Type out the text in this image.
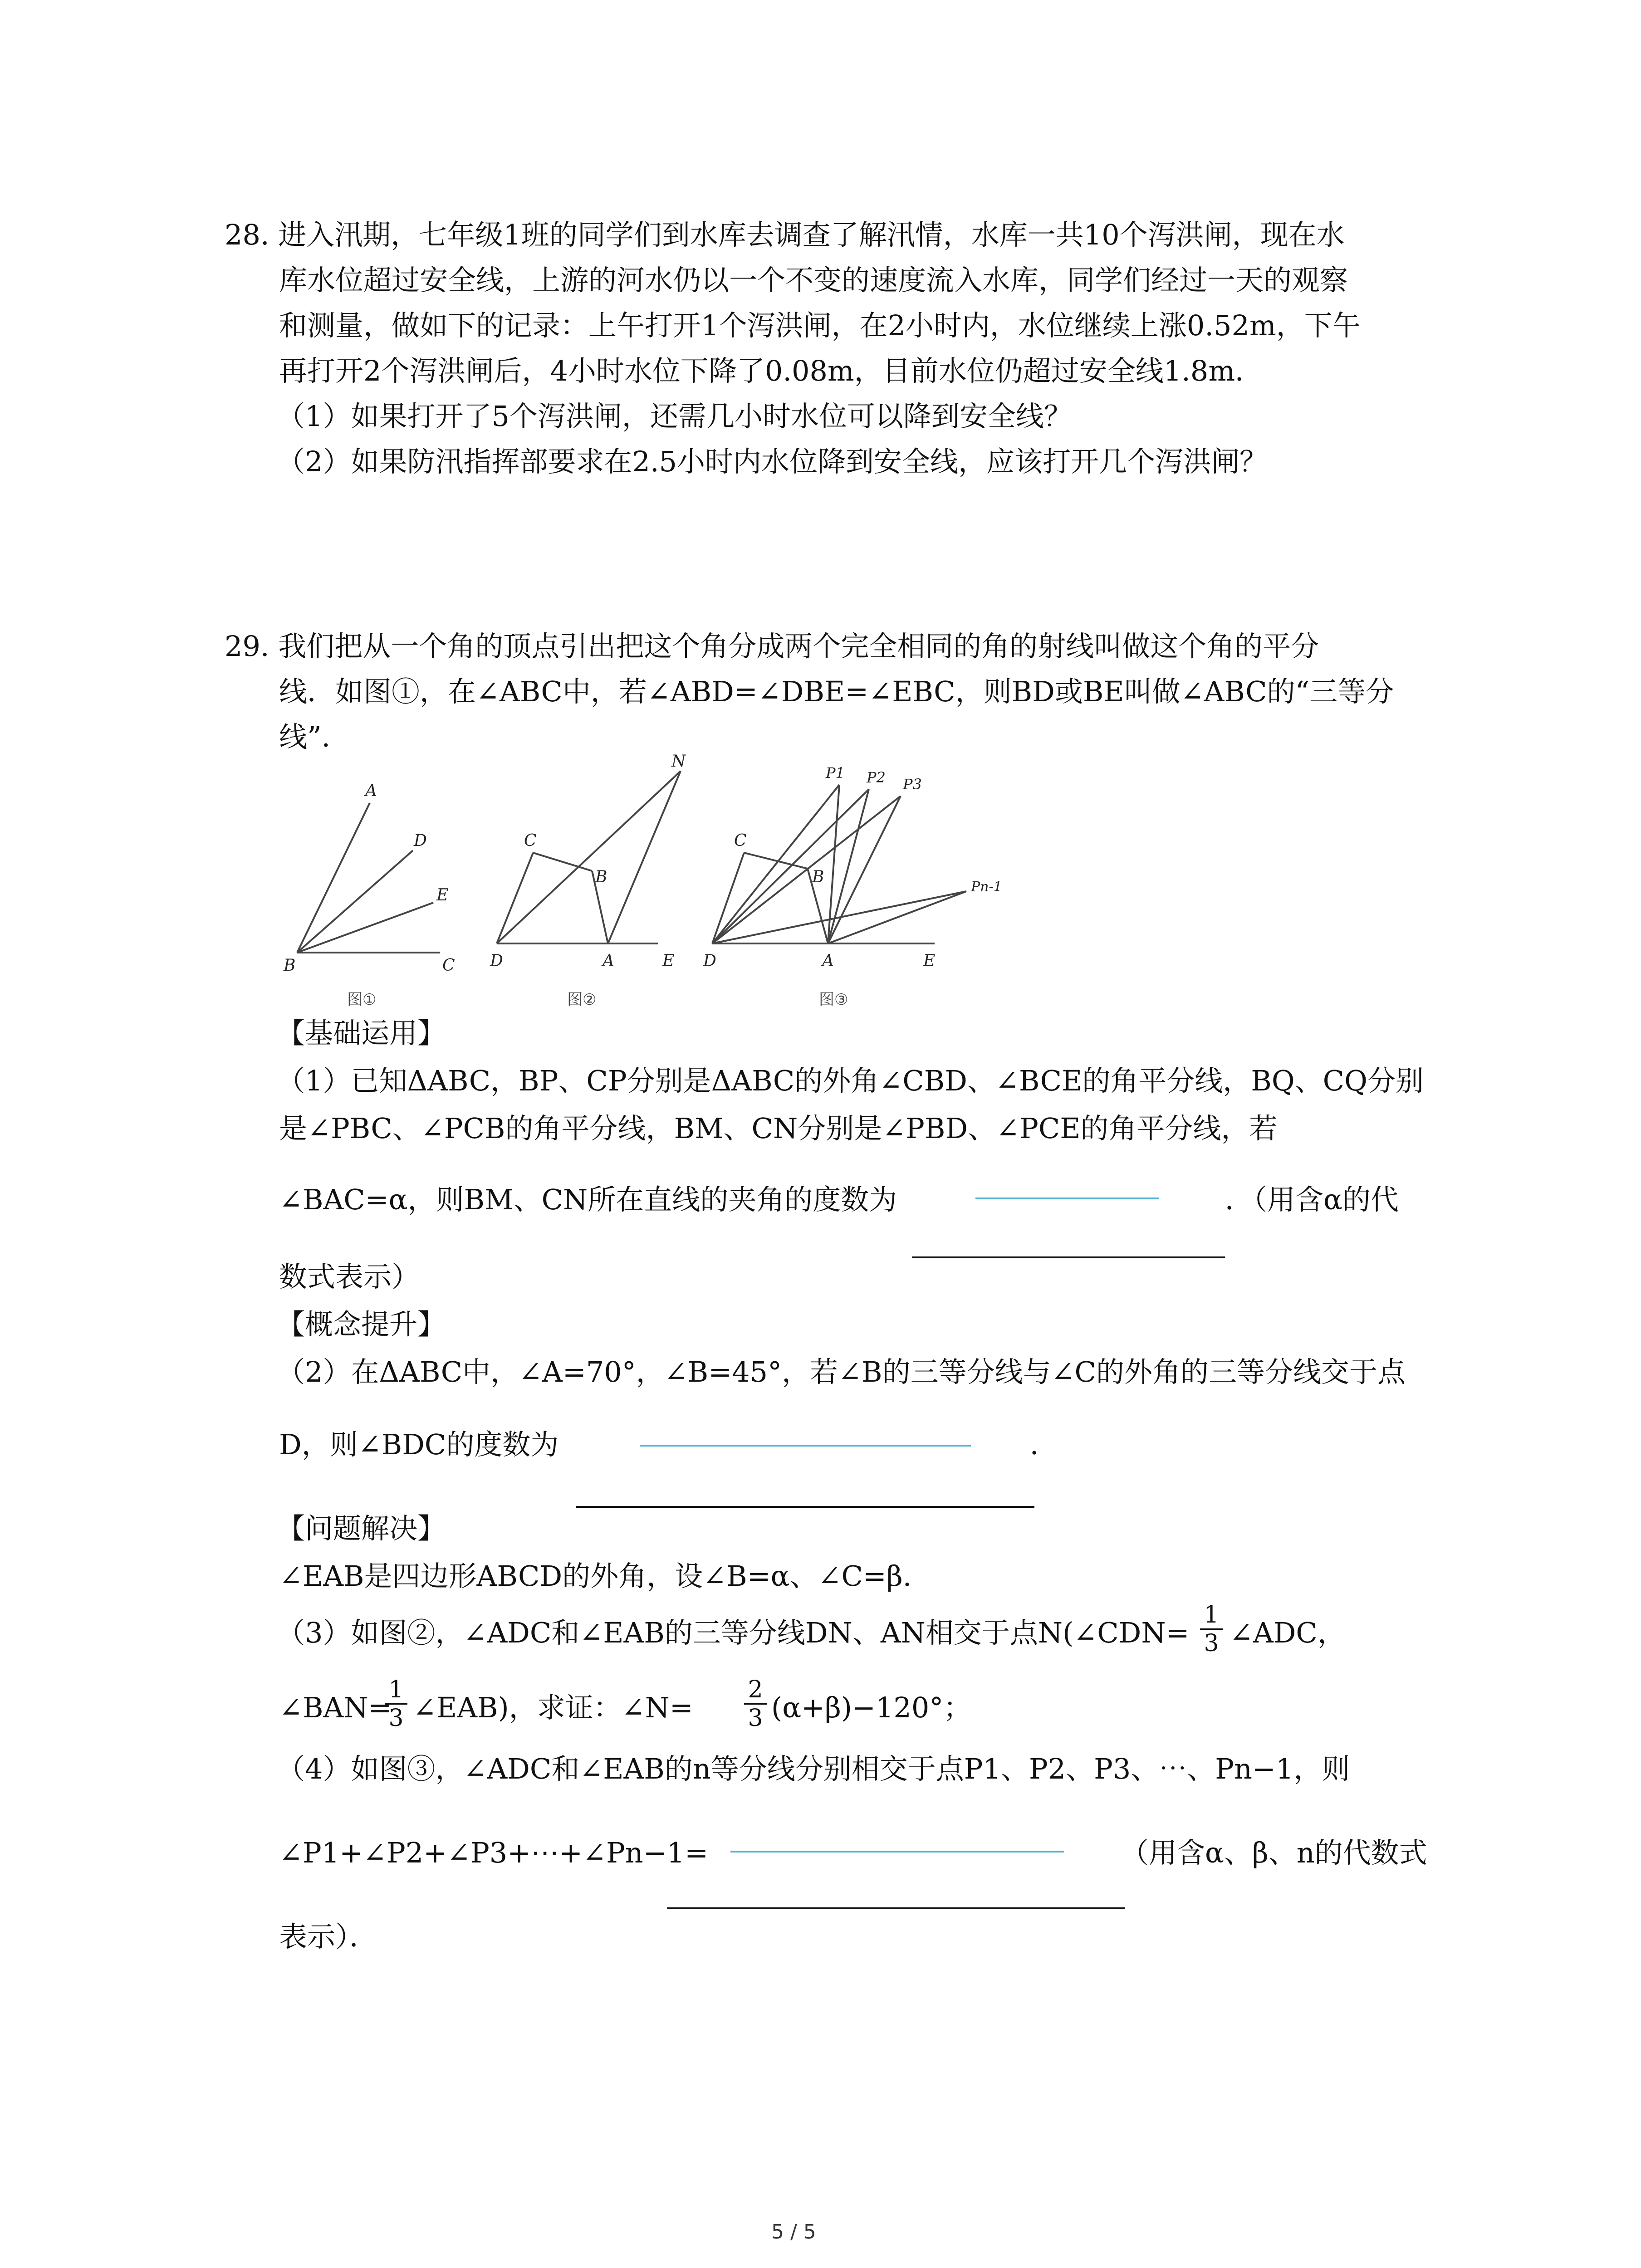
28. 进入汛期，七年级1班的同学们到水库去调查了解汛情，水库一共10个泻洪闸，现在水
库水位超过安全线，上游的河水仍以一个不变的速度流入水库，同学们经过一天的观察
和测量，做如下的记录：上午打开1个泻洪闸，在2小时内，水位继续上涨0.52m，下午
再打开2个泻洪闸后，4小时水位下降了0.08m，目前水位仍超过安全线1.8m．
（1）如果打开了5个泻洪闸，还需几小时水位可以降到安全线？
（2）如果防汛指挥部要求在2.5小时内水位降到安全线，应该打开几个泻洪闸？
29. 我们把从一个角的顶点引出把这个角分成两个完全相同的角的射线叫做这个角的平分
线．如图①，在∠ABC中，若∠ABD=∠DBE=∠EBC，则BD或BE叫做∠ABC的“三等分
线”．
A
D
E
B	C
N
C
B
D	A	E
P1 P2 P3
C
B
Pn-1
D	A	E
图①	图②	图③
【基础运用】
（1）已知ΔABC，BP、CP分别是ΔABC的外角∠CBD、∠BCE的角平分线，BQ、CQ分别
是∠PBC、∠PCB的角平分线，BM、CN分别是∠PBD、∠PCE的角平分线，若
∠BAC=α，则BM、CN所在直线的夹角的度数为	．（用含α的代
数式表示）
【概念提升】
（2）在ΔABC中，∠A=70°，∠B=45°，若∠B的三等分线与∠C的外角的三等分线交于点
D，则∠BDC的度数为	．
【问题解决】
∠EAB是四边形ABCD的外角，设∠B=α、∠C=β.
（3）如图②，∠ADC和∠EAB的三等分线DN、AN相交于点N(∠CDN=
1
3 ∠ADC，
∠BAN=
1
3 ∠EAB)，求证：∠N=
2
3 (α+β)−120°；
（4）如图③，∠ADC和∠EAB的n等分线分别相交于点P1、P2、P3、⋯、Pn−1，则
∠P1+∠P2+∠P3+⋯+∠Pn−1=	（用含α、β、n的代数式
表示）．
5 / 5
